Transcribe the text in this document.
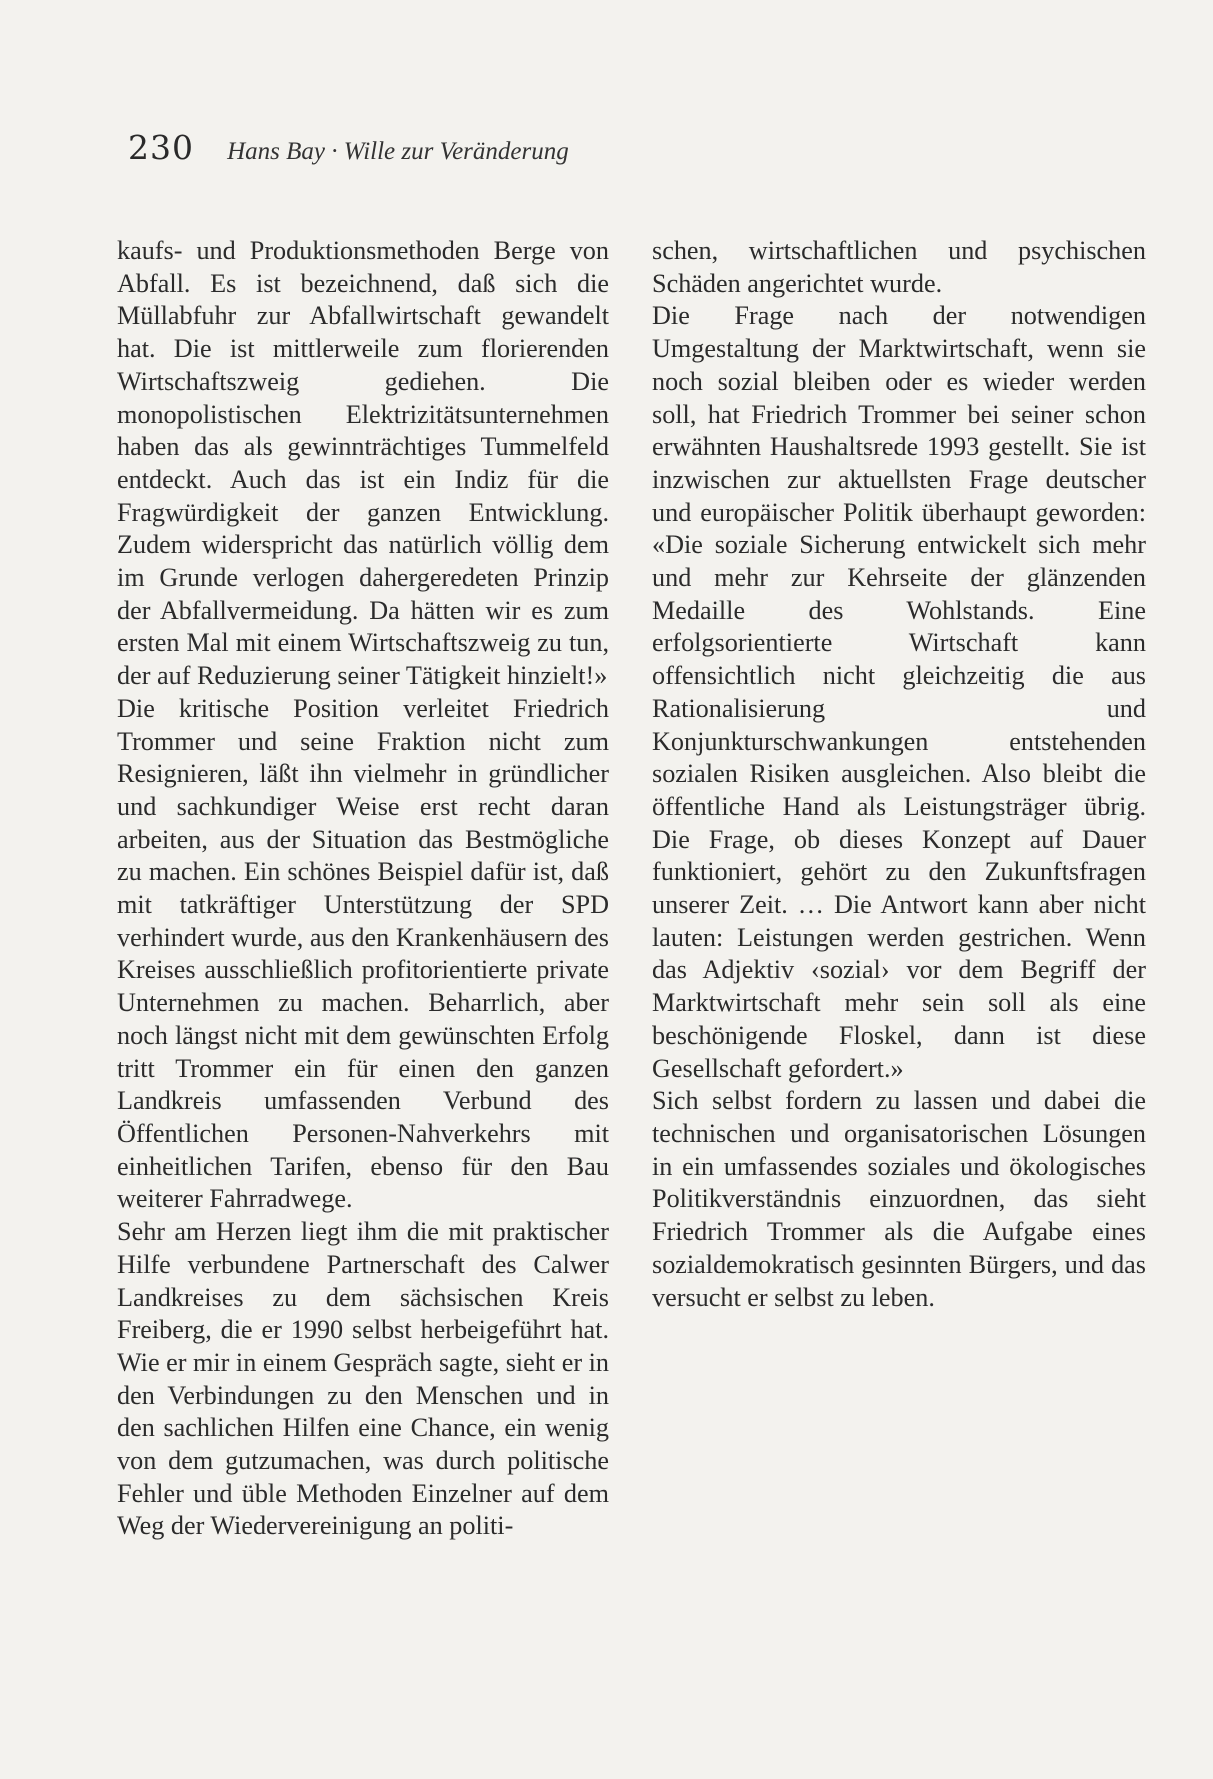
230 Hans Bay · Wille zur Veränderung

kaufs- und Produktionsmethoden Berge von Abfall. Es ist bezeichnend, daß sich die Müllabfuhr zur Abfallwirtschaft gewandelt hat. Die ist mittlerweile zum florierenden Wirtschaftszweig gediehen. Die monopolistischen Elektrizitätsunternehmen haben das als gewinnträchtiges Tummelfeld entdeckt. Auch das ist ein Indiz für die Fragwürdigkeit der ganzen Entwicklung. Zudem widerspricht das natürlich völlig dem im Grunde verlogen dahergeredeten Prinzip der Abfallvermeidung. Da hätten wir es zum ersten Mal mit einem Wirtschaftszweig zu tun, der auf Reduzierung seiner Tätigkeit hinzielt!»

Die kritische Position verleitet Friedrich Trommer und seine Fraktion nicht zum Resignieren, läßt ihn vielmehr in gründlicher und sachkundiger Weise erst recht daran arbeiten, aus der Situation das Bestmögliche zu machen. Ein schönes Beispiel dafür ist, daß mit tatkräftiger Unterstützung der SPD verhindert wurde, aus den Krankenhäusern des Kreises ausschließlich profitorientierte private Unternehmen zu machen. Beharrlich, aber noch längst nicht mit dem gewünschten Erfolg tritt Trommer ein für einen den ganzen Landkreis umfassenden Verbund des Öffentlichen Personen-Nahverkehrs mit einheitlichen Tarifen, ebenso für den Bau weiterer Fahrradwege.

Sehr am Herzen liegt ihm die mit praktischer Hilfe verbundene Partnerschaft des Calwer Landkreises zu dem sächsischen Kreis Freiberg, die er 1990 selbst herbeigeführt hat. Wie er mir in einem Gespräch sagte, sieht er in den Verbindungen zu den Menschen und in den sachlichen Hilfen eine Chance, ein wenig von dem gutzumachen, was durch politische Fehler und üble Methoden Einzelner auf dem Weg der Wiedervereinigung an politi-

schen, wirtschaftlichen und psychischen Schäden angerichtet wurde.

Die Frage nach der notwendigen Umgestaltung der Marktwirtschaft, wenn sie noch sozial bleiben oder es wieder werden soll, hat Friedrich Trommer bei seiner schon erwähnten Haushaltsrede 1993 gestellt. Sie ist inzwischen zur aktuellsten Frage deutscher und europäischer Politik überhaupt geworden: «Die soziale Sicherung entwickelt sich mehr und mehr zur Kehrseite der glänzenden Medaille des Wohlstands. Eine erfolgsorientierte Wirtschaft kann offensichtlich nicht gleichzeitig die aus Rationalisierung und Konjunkturschwankungen entstehenden sozialen Risiken ausgleichen. Also bleibt die öffentliche Hand als Leistungsträger übrig. Die Frage, ob dieses Konzept auf Dauer funktioniert, gehört zu den Zukunftsfragen unserer Zeit. … Die Antwort kann aber nicht lauten: Leistungen werden gestrichen. Wenn das Adjektiv ‹sozial› vor dem Begriff der Marktwirtschaft mehr sein soll als eine beschönigende Floskel, dann ist diese Gesellschaft gefordert.»

Sich selbst fordern zu lassen und dabei die technischen und organisatorischen Lösungen in ein umfassendes soziales und ökologisches Politikverständnis einzuordnen, das sieht Friedrich Trommer als die Aufgabe eines sozialdemokratisch gesinnten Bürgers, und das versucht er selbst zu leben.
